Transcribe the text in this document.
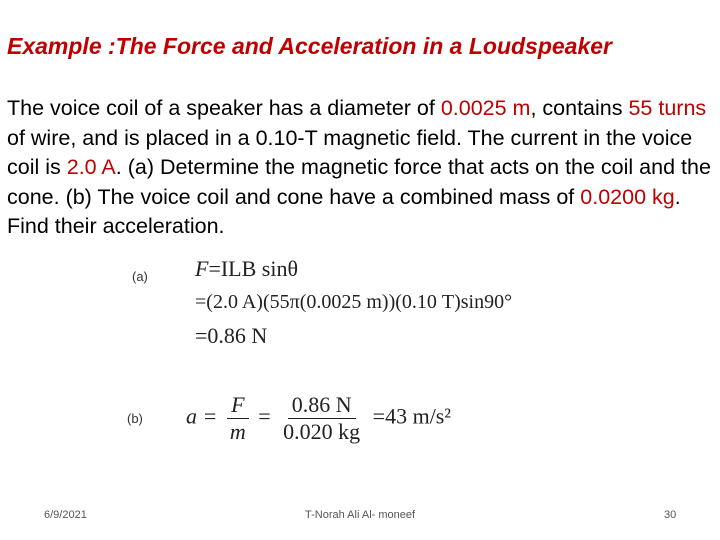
Example :The Force and Acceleration in a Loudspeaker
The voice coil of a speaker has a diameter of 0.0025 m, contains 55 turns of wire, and is placed in a 0.10-T magnetic field. The current in the voice coil is 2.0 A. (a) Determine the magnetic force that acts on the coil and the cone. (b) The voice coil and cone have a combined mass of 0.0200 kg. Find their acceleration.
(a) F=ILB sinθ
=(2.0 A)(55π(0.0025 m))(0.10 T)sin90°
=0.86 N
(b) $a = \frac{F}{m} = \frac{0.86 N}{0.020 kg} =43$ m/s²
6/9/2021	T-Norah Ali Al- moneef	30
